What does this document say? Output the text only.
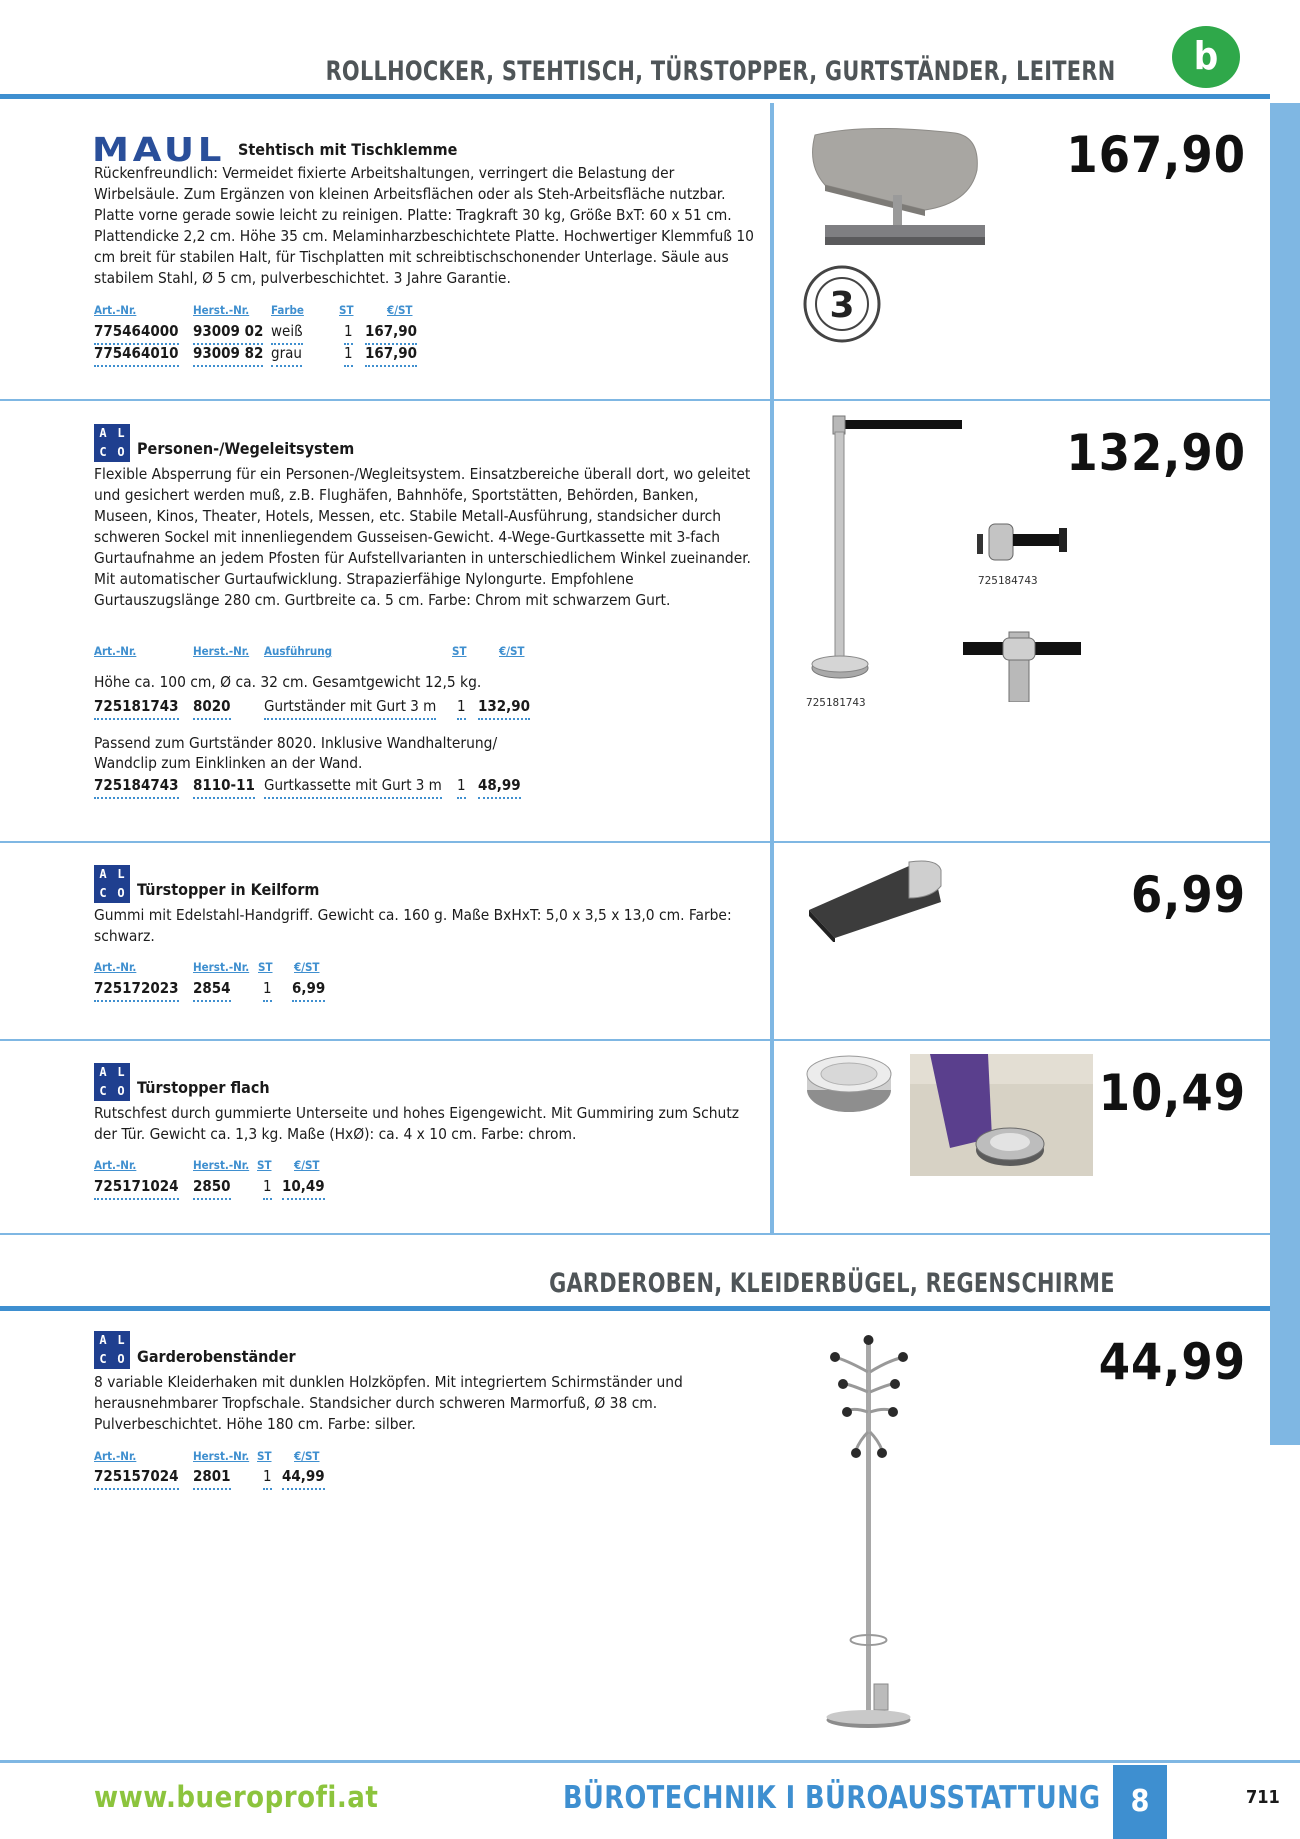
ROLLHOCKER, STEHTISCH, TÜRSTOPPER, GURTSTÄNDER, LEITERN	b
MAUL Stehtisch mit Tischklemme
Rückenfreundlich: Vermeidet fixierte Arbeitshaltungen, verringert die Belastung der Wirbelsäule. Zum Ergänzen von kleinen Arbeitsflächen oder als Steh-Arbeitsfläche nutzbar. Platte vorne gerade sowie leicht zu reinigen. Platte: Tragkraft 30 kg, Größe BxT: 60 x 51 cm. Plattendicke 2,2 cm. Höhe 35 cm. Melaminharzbeschichtete Platte. Hochwertiger Klemmfuß 10 cm breit für stabilen Halt, für Tischplatten mit schreibtischschonender Unterlage. Säule aus stabilem Stahl, Ø 5 cm, pulverbeschichtet. 3 Jahre Garantie.
167,90
Art.-Nr.	Herst.-Nr. Farbe	ST	€/ST
775464000 93009 02 weiß	1 167,90
775464010 93009 82 grau	1 167,90
3
A L
C O Personen-/Wegeleitsystem
Flexible Absperrung für ein Personen-/Wegleitsystem. Einsatzbereiche überall dort, wo geleitet und gesichert werden muß, z.B. Flughäfen, Bahnhöfe, Sportstätten, Behörden, Banken, Museen, Kinos, Theater, Hotels, Messen, etc. Stabile Metall-Ausführung, standsicher durch schweren Sockel mit innenliegendem Gusseisen-Gewicht. 4-Wege-Gurtkassette mit 3-fach Gurtaufnahme an jedem Pfosten für Aufstellvarianten in unterschiedlichem Winkel zueinander. Mit automatischer Gurtaufwicklung. Strapazierfähige Nylongurte. Empfohlene Gurtauszugslänge 280 cm. Gurtbreite ca. 5 cm. Farbe: Chrom mit schwarzem Gurt.
132,90
Art.-Nr.	Herst.-Nr. Ausführung	ST	€/ST
Höhe ca. 100 cm, Ø ca. 32 cm. Gesamtgewicht 12,5 kg.
725181743 8020 Gurtständer mit Gurt 3 m 1 132,90
Passend zum Gurtständer 8020. Inklusive Wandhalterung/ Wandclip zum Einklinken an der Wand.
725184743 8110-11 Gurtkassette mit Gurt 3 m 1 48,99
725184743
725181743
A L
C O Türstopper in Keilform
Gummi mit Edelstahl-Handgriff. Gewicht ca. 160 g. Maße BxHxT: 5,0 x 3,5 x 13,0 cm. Farbe: schwarz.
6,99
Art.-Nr.	Herst.-Nr. ST €/ST
725172023 2854 1 6,99
A L
C O Türstopper flach
Rutschfest durch gummierte Unterseite und hohes Eigengewicht. Mit Gummiring zum Schutz der Tür. Gewicht ca. 1,3 kg. Maße (HxØ): ca. 4 x 10 cm. Farbe: chrom.
10,49
Art.-Nr.	Herst.-Nr. ST €/ST
725171024 2850 1 10,49
GARDEROBEN, KLEIDERBÜGEL, REGENSCHIRME
A L
C O Garderobenständer
8 variable Kleiderhaken mit dunklen Holzköpfen. Mit integriertem Schirmständer und herausnehmbarer Tropfschale. Standsicher durch schweren Marmorfuß, Ø 38 cm. Pulverbeschichtet. Höhe 180 cm. Farbe: silber.
44,99
Art.-Nr.	Herst.-Nr. ST €/ST
725157024 2801 1 44,99
www.bueroprofi.at	BÜROTECHNIK I BÜROAUSSTATTUNG	8	711
